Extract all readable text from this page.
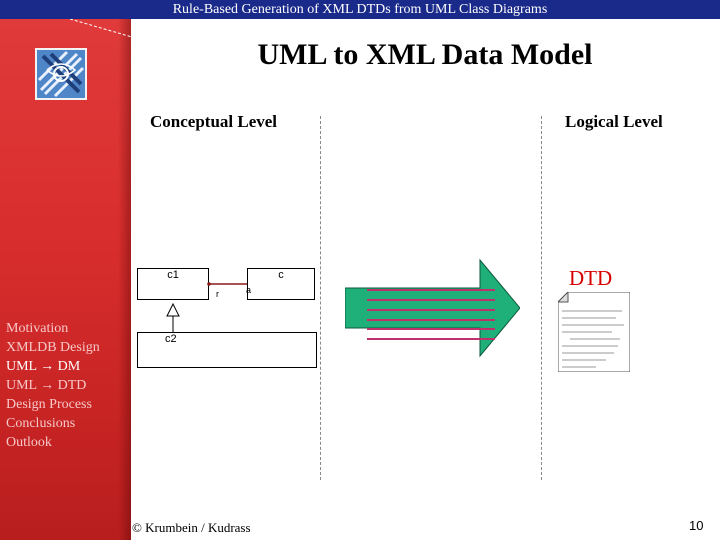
Rule-Based Generation of XML DTDs from UML Class Diagrams
Motivation
XMLDB Design
UML → DM
UML → DTD
Design Process
Conclusions
Outlook
UML to XML Data Model
Conceptual Level	Logical Level
c1	c
c2
r	a	DTD
© Krumbein / Kudrass	10
